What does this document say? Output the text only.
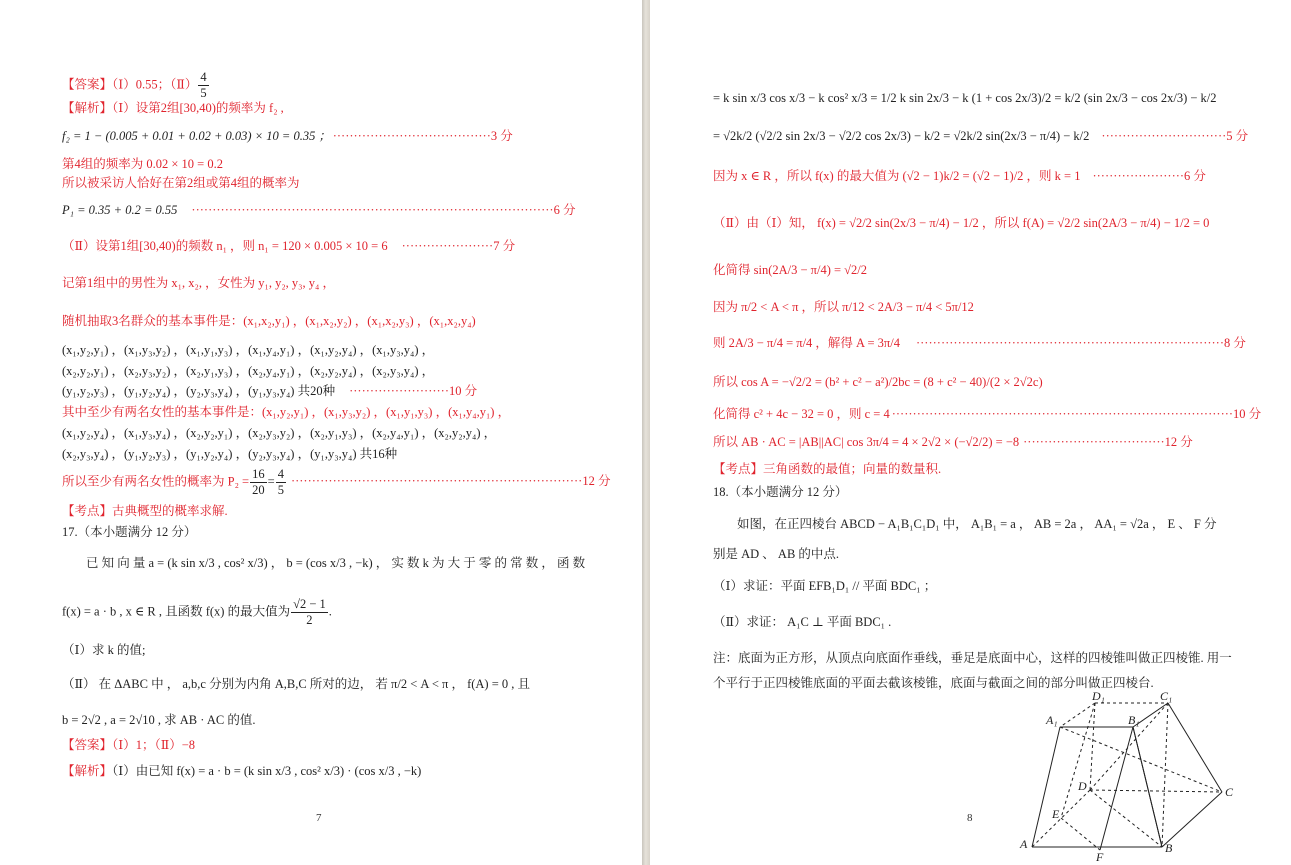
【答案】（Ⅰ）0.55；（Ⅱ） $\frac{4}{5}$
【解析】（Ⅰ）设第2组[30,40)的频率为 f₂ ,
f₂ = 1 − (0.005 + 0.01 + 0.02 + 0.03) × 10 = 0.35 ； ······································3 分
第4组的频率为 0.02 × 10 = 0.2
所以被采访人恰好在第2组或第4组的概率为
P₁ = 0.35 + 0.2 = 0.55 ·······················································································6 分
（Ⅱ）设第1组[30,40)的频数 n₁ ，则 n₁ = 120 × 0.005 × 10 = 6 ······················7 分
记第1组中的男性为 x₁, x₂, ，女性为 y₁, y₂, y₃, y₄ ，
随机抽取3名群众的基本事件是：(x₁,x₂,y₁) ，(x₁,x₂,y₂) ，(x₁,x₂,y₃) ，(x₁,x₂,y₄)
(x₁,y₂,y₁) ，(x₁,y₃,y₂) ，(x₁,y₁,y₃) ，(x₁,y₄,y₁) ，(x₁,y₂,y₄) ，(x₁,y₃,y₄) ，
(x₂,y₂,y₁) ，(x₂,y₃,y₂) ，(x₂,y₁,y₃) ，(x₂,y₄,y₁) ，(x₂,y₂,y₄) ，(x₂,y₃,y₄) ，
(y₁,y₂,y₃) ，(y₁,y₂,y₄) ，(y₂,y₃,y₄) ，(y₁,y₃,y₄) 共20种 ························10 分
其中至少有两名女性的基本事件是：(x₁,y₂,y₁) ，(x₁,y₃,y₂) ，(x₁,y₁,y₃) ，(x₁,y₄,y₁) ，
(x₁,y₂,y₄) ，(x₁,y₃,y₄) ，(x₂,y₂,y₁) ，(x₂,y₃,y₂) ，(x₂,y₁,y₃) ，(x₂,y₄,y₁) ，(x₂,y₂,y₄) ，
(x₂,y₃,y₄) ，(y₁,y₂,y₃) ，(y₁,y₂,y₄) ，(y₂,y₃,y₄) ，(y₁,y₃,y₄) 共16种
所以至少有两名女性的概率为 $P_2 = \frac{16}{20} = \frac{4}{5} \cdot\cdot\cdot\cdot\cdot\cdot\cdot\cdot\cdot\cdot\cdot\cdot\cdot\cdot\cdot\cdot\cdot\cdot\cdot\cdot\cdot\cdot\cdot\cdot\cdot\cdot\cdot\cdot\cdot\cdot\cdot\cdot\cdot\cdot\cdot\cdot\cdot\cdot\cdot\cdot\cdot\cdot\cdot\cdot\cdot\cdot\cdot\cdot\cdot\cdot\cdot\cdot\cdot\cdot\cdot\cdot\cdot\cdot\cdot\cdot\cdot\cdot\cdot\cdot\cdot\cdot\cdot\cdot\cdot\cdot 12$ 分
【考点】古典概型的概率求解.
17.（本小题满分 12 分）
已 知 向 量 a = (k sin x/3 , cos² x/3) ， b = (cos x/3 , −k) ， 实 数 k 为 大 于 零 的 常 数 ， 函 数
f(x) = a · b , x ∈ R , 且函数 f(x) 的最大值为 $\frac{√2 - 1}{2}$ .
（Ⅰ）求 k 的值;
（Ⅱ） 在 ΔABC 中 ， a,b,c 分别为内角 A,B,C 所对的边， 若 π/2 < A < π ， f(A) = 0 , 且
b = 2√2 , a = 2√10 , 求 AB · AC 的值.
【答案】（Ⅰ）1；（Ⅱ）−8
【解析】（Ⅰ）由已知 f(x) = a · b = (k sin x/3 , cos² x/3) · (cos x/3 , −k)
7
= k sin x/3 cos x/3 − k cos² x/3 = 1/2 k sin 2x/3 − k (1 + cos 2x/3)/2 = k/2 (sin 2x/3 − cos 2x/3) − k/2
= √2k/2 (√2/2 sin 2x/3 − √2/2 cos 2x/3) − k/2 = √2k/2 sin(2x/3 − π/4) − k/2 ······························5 分
因为 x ∈ R ，所以 f(x) 的最大值为 (√2 − 1)k/2 = (√2 − 1)/2 ，则 k = 1 ······················6 分
（Ⅱ）由（Ⅰ）知， f(x) = √2/2 sin(2x/3 − π/4) − 1/2 ，所以 f(A) = √2/2 sin(2A/3 − π/4) − 1/2 = 0
化简得 sin(2A/3 − π/4) = √2/2
因为 π/2 < A < π ，所以 π/12 < 2A/3 − π/4 < 5π/12
则 2A/3 − π/4 = π/4 ，解得 A = 3π/4 ··········································································8 分
所以 cos A = −√2/2 = (b² + c² − a²)/2bc = (8 + c² − 40)/(2 × 2√2c)
化简得 c² + 4c − 32 = 0 ，则 c = 4 ··················································································10 分
所以 AB · AC = |AB||AC| cos 3π/4 = 4 × 2√2 × (−√2/2) = −8 ··································12 分
【考点】三角函数的最值；向量的数量积.
18.（本小题满分 12 分）
如图，在正四棱台 ABCD − A₁B₁C₁D₁ 中， A₁B₁ = a ， AB = 2a ， AA₁ = √2a ， E 、 F 分
别是 AD 、 AB 的中点.
（Ⅰ）求证：平面 EFB₁D₁ // 平面 BDC₁ ；
（Ⅱ）求证： A₁C ⊥ 平面 BDC₁ .
注：底面为正方形，从顶点向底面作垂线，垂足是底面中心，这样的四棱锥叫做正四棱锥. 用一
个平行于正四棱锥底面的平面去截该棱锥，底面与截面之间的部分叫做正四棱台.
8
D₁	C₁
A₁	B₁
D	C
E
A
F
B
